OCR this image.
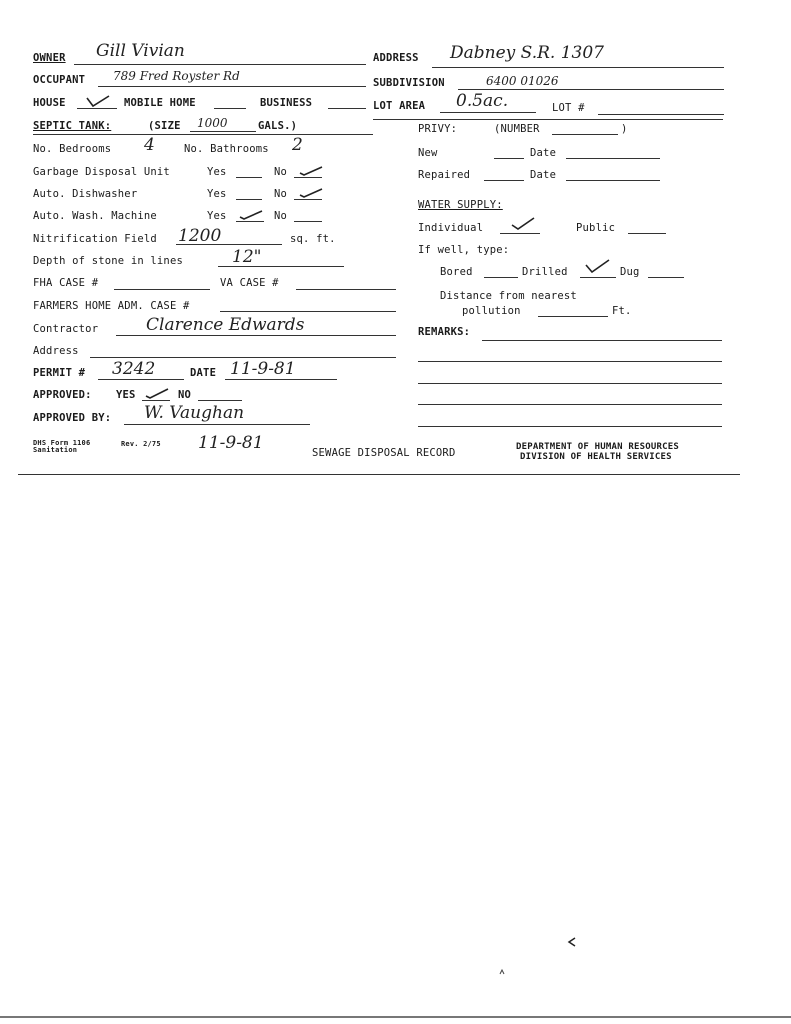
OWNER Gill Vivian
OCCUPANT 789 Fred Royster Rd
HOUSE	MOBILE HOME	BUSINESS
SEPTIC TANK:	(SIZE 1000	GALS.)
No. Bedrooms 4	No. Bathrooms 2
Garbage Disposal Unit	Yes	No
Auto. Dishwasher	Yes	No
Auto. Wash. Machine	Yes	No
Nitrification Field 1200	sq. ft.
Depth of stone in lines	12"
FHA CASE #	VA CASE #
FARMERS HOME ADM. CASE #
Contractor	Clarence Edwards
Address
PERMIT # 3242	DATE 11-9-81
APPROVED: YES	NO
APPROVED BY: W. Vaughan
DHS Form 1106
Sanitation
Rev. 2/75 11-9-81	SEWAGE DISPOSAL RECORD
ADDRESS Dabney S.R. 1307
SUBDIVISION	6400 01026
LOT AREA 0.5ac.	LOT #
PRIVY:	(NUMBER	)
New	Date
Repaired	Date
WATER SUPPLY:
Individual	Public
If well, type:
Bored	Drilled	Dug
Distance from nearest
pollution	Ft.
REMARKS:
DEPARTMENT OF HUMAN RESOURCES
DIVISION OF HEALTH SERVICES
